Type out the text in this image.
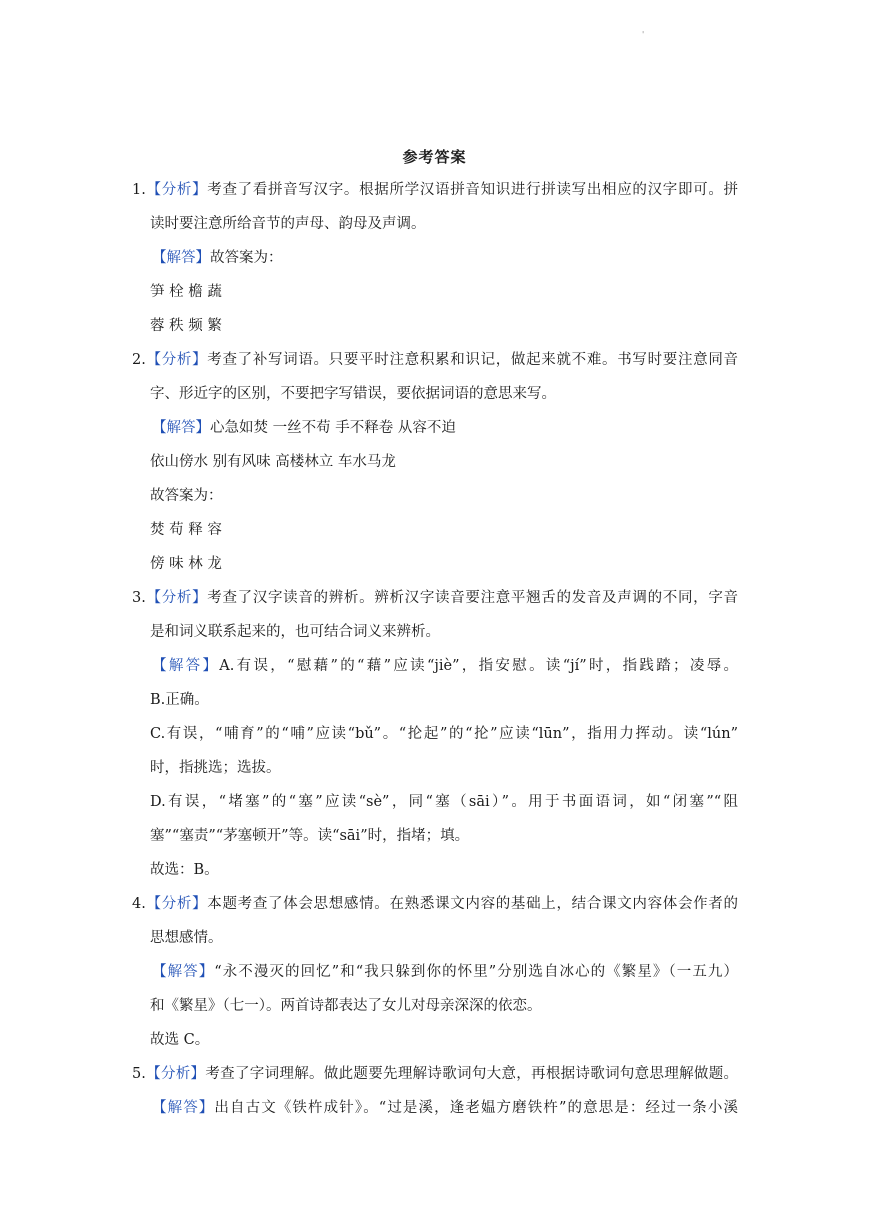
'
参考答案
1.【分析】考查了看拼音写汉字。根据所学汉语拼音知识进行拼读写出相应的汉字即可。拼
读时要注意所给音节的声母、韵母及声调。
【解答】故答案为：
笋 栓 檐 蔬
蓉 秩 频 繁
2.【分析】考查了补写词语。只要平时注意积累和识记，做起来就不难。书写时要注意同音
字、形近字的区别，不要把字写错误，要依据词语的意思来写。
【解答】心急如焚 一丝不苟 手不释卷 从容不迫
依山傍水 别有风味 高楼林立 车水马龙
故答案为：
焚 苟 释 容
傍 味 林 龙
3.【分析】考查了汉字读音的辨析。辨析汉字读音要注意平翘舌的发音及声调的不同，字音
是和词义联系起来的，也可结合词义来辨析。
【解答】A.有误，“慰藉”的“藉”应读“jiè”，指安慰。读“jí”时，指践踏；凌辱。
B.正确。
C.有误，“哺育”的“哺”应读“bǔ”。“抡起”的“抡”应读“lūn”，指用力挥动。读“lún”
时，指挑选；选拔。
D.有误，“堵塞”的“塞”应读“sè”，同“塞（sāi）”。用于书面语词，如“闭塞”“阻
塞”“塞责”“茅塞顿开”等。读“sāi”时，指堵；填。
故选：B。
4.【分析】本题考查了体会思想感情。在熟悉课文内容的基础上，结合课文内容体会作者的
思想感情。
【解答】“永不漫灭的回忆”和“我只躲到你的怀里”分别选自冰心的《繁星》（一五九）
和《繁星》（七一）。两首诗都表达了女儿对母亲深深的依恋。
故选 C。
5.【分析】考查了字词理解。做此题要先理解诗歌词句大意，再根据诗歌词句意思理解做题。
【解答】出自古文《铁杵成针》。“过是溪，逢老媪方磨铁杵”的意思是：经过一条小溪
